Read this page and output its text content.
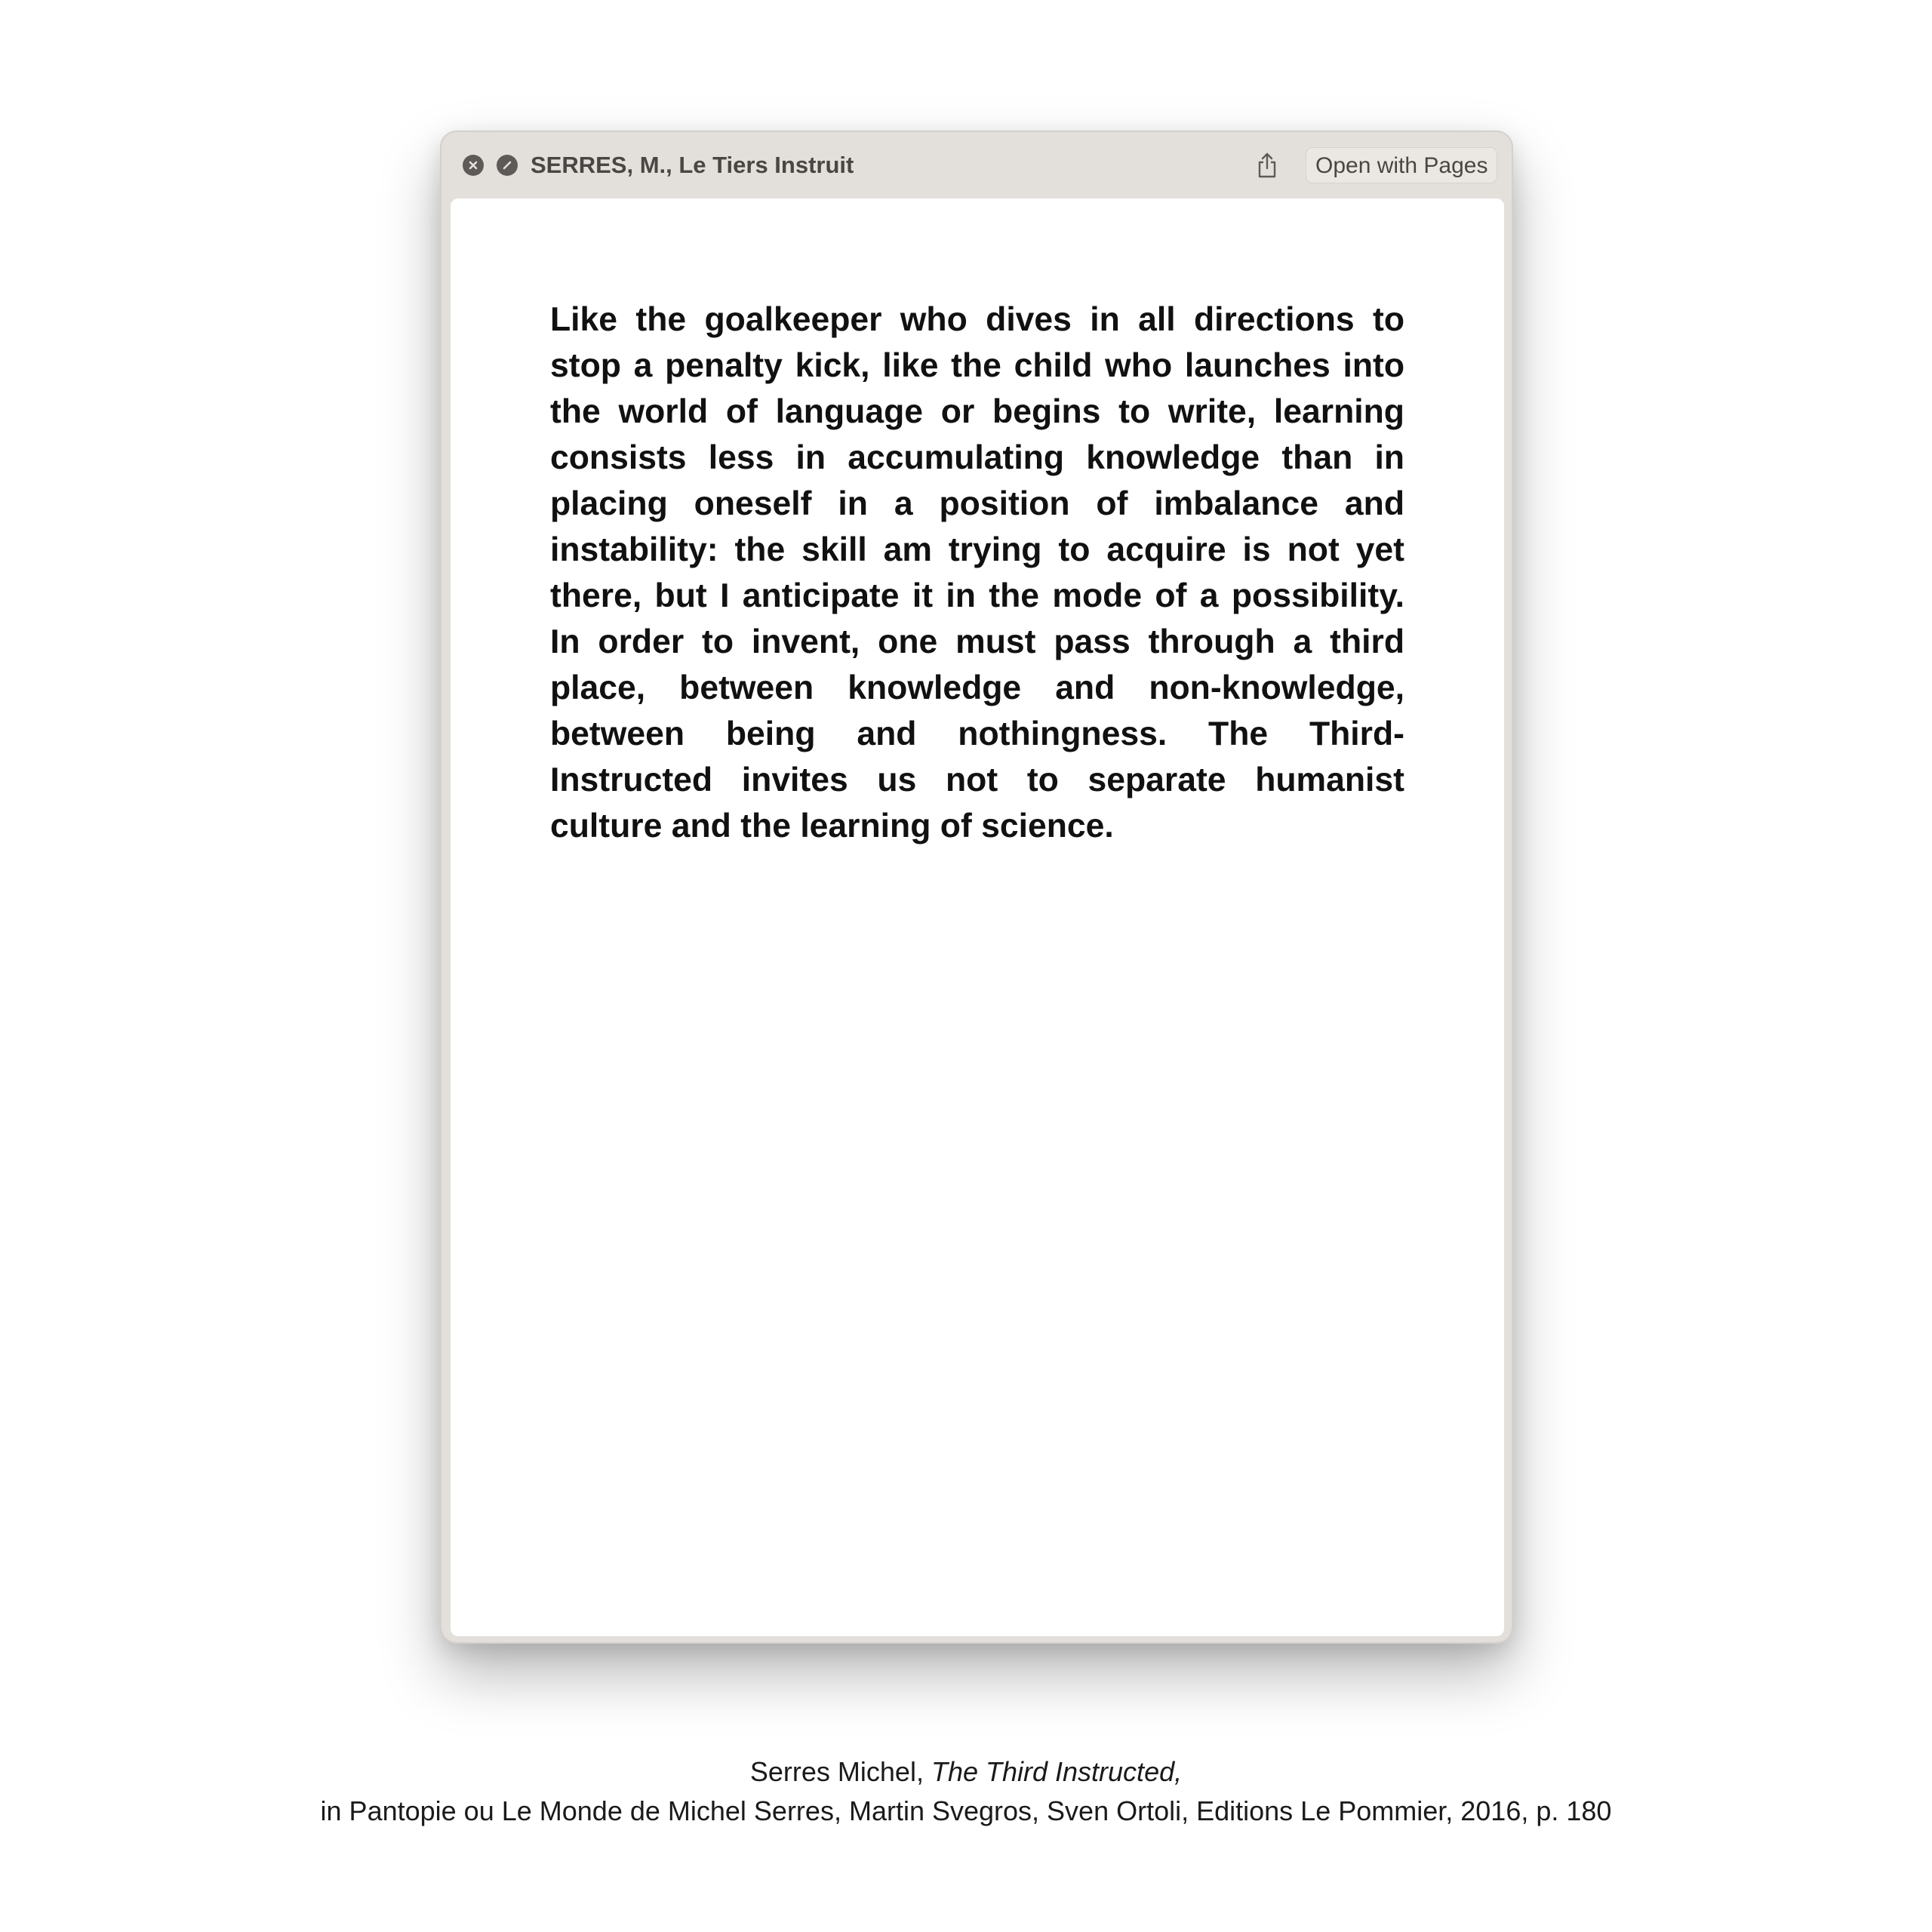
SERRES, M., Le Tiers Instruit	Open with Pages

Like the goalkeeper who dives in all directions to stop a penalty kick, like the child who launches into the world of language or begins to write, learning consists less in accumulating knowledge than in placing oneself in a position of imbalance and instability: the skill am trying to acquire is not yet there, but I anticipate it in the mode of a possibility. In order to invent, one must pass through a third place, between knowledge and non-knowledge, between being and nothingness. The Third-Instructed invites us not to separate humanist culture and the learning of science.

Serres Michel, The Third Instructed,
in Pantopie ou Le Monde de Michel Serres, Martin Svegros, Sven Ortoli, Editions Le Pommier, 2016, p. 180
